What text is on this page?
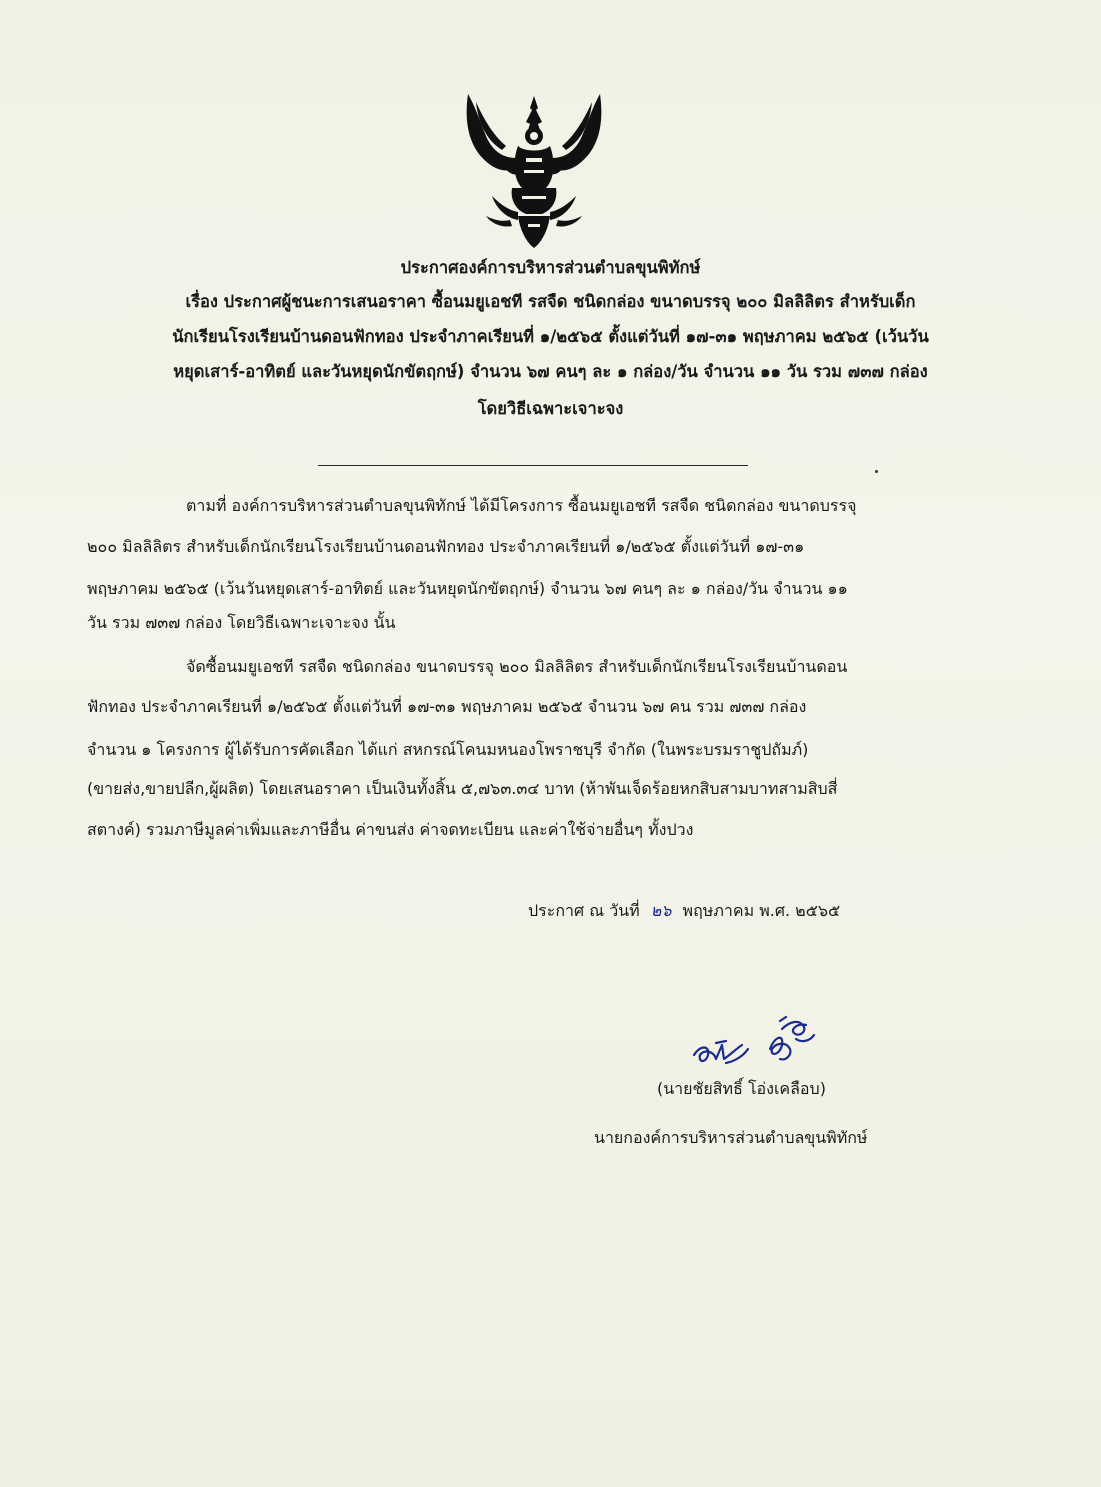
ประกาศองค์การบริหารส่วนตำบลขุนพิทักษ์
เรื่อง ประกาศผู้ชนะการเสนอราคา ซื้อนมยูเอชที รสจืด ชนิดกล่อง ขนาดบรรจุ ๒๐๐ มิลลิลิตร สำหรับเด็ก
นักเรียนโรงเรียนบ้านดอนฟักทอง ประจำภาคเรียนที่ ๑/๒๕๖๕ ตั้งแต่วันที่ ๑๗-๓๑ พฤษภาคม ๒๕๖๕ (เว้นวัน
หยุดเสาร์-อาทิตย์ และวันหยุดนักขัตฤกษ์) จำนวน ๖๗ คนๆ ละ ๑ กล่อง/วัน จำนวน ๑๑ วัน รวม ๗๓๗ กล่อง
โดยวิธีเฉพาะเจาะจง
ตามที่ องค์การบริหารส่วนตำบลขุนพิทักษ์ ได้มีโครงการ ซื้อนมยูเอชที รสจืด ชนิดกล่อง ขนาดบรรจุ
๒๐๐ มิลลิลิตร สำหรับเด็กนักเรียนโรงเรียนบ้านดอนฟักทอง ประจำภาคเรียนที่ ๑/๒๕๖๕ ตั้งแต่วันที่ ๑๗-๓๑
พฤษภาคม ๒๕๖๕ (เว้นวันหยุดเสาร์-อาทิตย์ และวันหยุดนักขัตฤกษ์) จำนวน ๖๗ คนๆ ละ ๑ กล่อง/วัน จำนวน ๑๑
วัน รวม ๗๓๗ กล่อง โดยวิธีเฉพาะเจาะจง นั้น
จัดซื้อนมยูเอชที รสจืด ชนิดกล่อง ขนาดบรรจุ ๒๐๐ มิลลิลิตร สำหรับเด็กนักเรียนโรงเรียนบ้านดอน
ฟักทอง ประจำภาคเรียนที่ ๑/๒๕๖๕ ตั้งแต่วันที่ ๑๗-๓๑ พฤษภาคม ๒๕๖๕ จำนวน ๖๗ คน รวม ๗๓๗ กล่อง
จำนวน ๑ โครงการ ผู้ได้รับการคัดเลือก ได้แก่ สหกรณ์โคนมหนองโพราชบุรี จำกัด (ในพระบรมราชูปถัมภ์)
(ขายส่ง,ขายปลีก,ผู้ผลิต) โดยเสนอราคา เป็นเงินทั้งสิ้น ๕,๗๖๓.๓๔ บาท (ห้าพันเจ็ดร้อยหกสิบสามบาทสามสิบสี่
สตางค์) รวมภาษีมูลค่าเพิ่มและภาษีอื่น ค่าขนส่ง ค่าจดทะเบียน และค่าใช้จ่ายอื่นๆ ทั้งปวง
ประกาศ ณ วันที่ ๒๖ พฤษภาคม พ.ศ. ๒๕๖๕
(นายชัยสิทธิ์ โอ่งเคลือบ)
นายกองค์การบริหารส่วนตำบลขุนพิทักษ์
